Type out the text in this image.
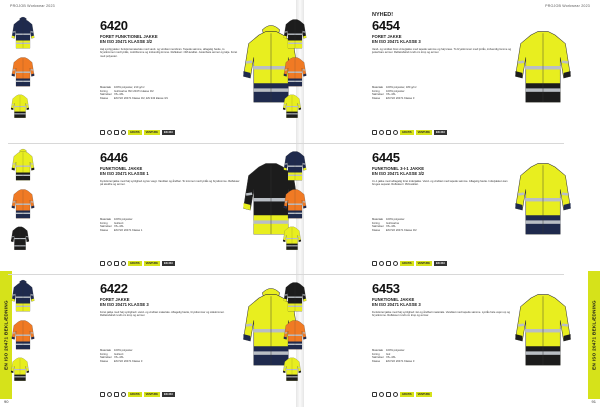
PROJOB Workwear 2023
EN ISO 20471 BEKLÆDNING
90
PROJOB Workwear 2023
EN ISO 20471 BEKLÆDNING
91
6420
FORET FUNKTIONEL JAKKE
EN ISO 20471 KLASSE 3/2
Høj synlig jakke i funktionsmateriale med vand- og vindtæt membran. Tapede sømme, aftagelig hætte, to brystlommer med lynlås, mobillomme og indvendig lomme. Reflekser i 3M-kvalitet. Justerbare ærmer og talje. Foret med polyester.
Materiale	100% polyester, 210 g/m²
Foring	Gul/marine ISO 20471 klasse 3/2
Størrelser XS–4XL
Klasse	EN ISO 20471 Klasse 3/2, EN 343 klasse 3/1
GRATIS	VENTURE	EN 343
NYHED!
6454
FORET JAKKE
EN ISO 20471 KLASSE 3
Vand- og vindtæt foret vinterjakke med tapede sømme og høj krave. To brystlommer med lynlås, indvendig lomme og justerbare ærmer. Refleksbånd rundt om krop og ærmer.
Materiale	100% polyester, 180 g/m²
Foring	100% polyester
Størrelser XS–4XL
Klasse	EN ISO 20471 Klasse 3
GRATIS	VENTURE	EN 343
6446
FUNKTIONEL JAKKE
EN ISO 20471 KLASSE 1
Funktionel jakke med høj synlighed og lav vægt. Vandtæt og åndbar. To lommer med lynlås og brystlomme. Reflekser på skuldre og ærmer.
Materiale	100% polyester
Foring	Gul/sort
Størrelser XS–4XL
Klasse	EN ISO 20471 Klasse 1
GRATIS	VENTURE	EN 343
6445
FUNKTIONEL 3-I-1 JAKKE
EN ISO 20471 KLASSE 3/2
3-i-1 jakke med udtagelig foret inderjakke. Vand- og vindtæt med tapede sømme. Aftagelig hætte. Inderjakken kan bruges separat. Reflekser i 3M-kvalitet.
Materiale	100% polyester
Foring	Gul/marine
Størrelser XS–4XL
Klasse	EN ISO 20471 Klasse 3/2
GRATIS	VENTURE	EN 343
6422
FORET JAKKE
EN ISO 20471 KLASSE 3
Foret jakke med høj synlighed i vand- og vindtæt materiale. Aftagelig hætte, brystlommer og sidelommer. Refleksbånd rundt om krop og ærmer.
Materiale	100% polyester
Foring	Gul/sort
Størrelser XS–4XL
Klasse	EN ISO 20471 Klasse 3
GRATIS	VENTURE	EN 343
6453
FUNKTIONEL JAKKE
EN ISO 20471 KLASSE 3
Funktionel jakke med høj synlighed i let og åndbart materiale. Vandtæt med tapede sømme. Lynlås hele vejen op og brystlomme. Reflekser rundt om krop og ærmer.
Materiale	100% polyester
Foring	Gul
Størrelser XS–4XL
Klasse	EN ISO 20471 Klasse 3
GRATIS	VENTURE
